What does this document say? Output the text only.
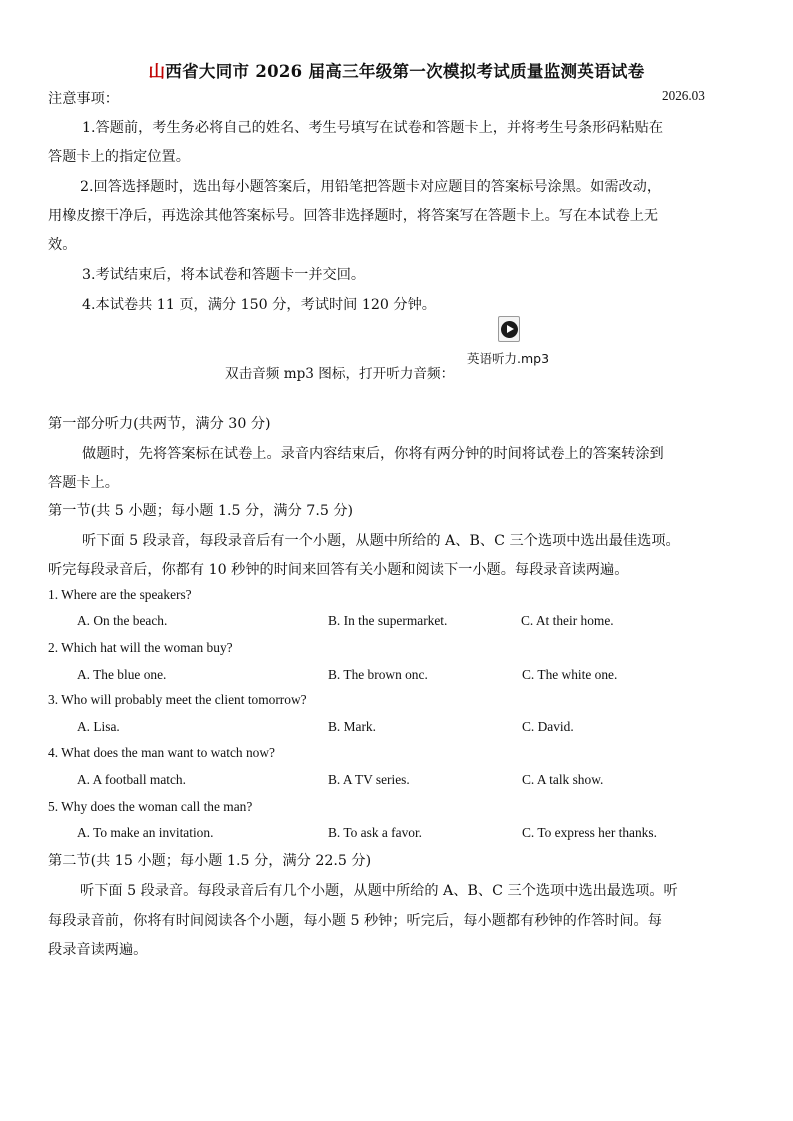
山西省大同市 2026 届高三年级第一次模拟考试质量监测英语试卷
注意事项：	2026.03
1.答题前，考生务必将自己的姓名、考生号填写在试卷和答题卡上，并将考生号条形码粘贴在
答题卡上的指定位置。
2.回答选择题时，选出每小题答案后，用铅笔把答题卡对应题目的答案标号涂黑。如需改动，
用橡皮擦干净后，再选涂其他答案标号。回答非选择题时，将答案写在答题卡上。写在本试卷上无
效。
3.考试结束后，将本试卷和答题卡一并交回。
4.本试卷共 11 页，满分 150 分，考试时间 120 分钟。
英语听力.mp3
双击音频 mp3 图标，打开听力音频：
第一部分听力(共两节，满分 30 分)
做题时，先将答案标在试卷上。录音内容结束后，你将有两分钟的时间将试卷上的答案转涂到
答题卡上。
第一节(共 5 小题；每小题 1.5 分，满分 7.5 分)
听下面 5 段录音，每段录音后有一个小题，从题中所给的 A、B、C 三个选项中选出最佳选项。
听完每段录音后，你都有 10 秒钟的时间来回答有关小题和阅读下一小题。每段录音读两遍。
1. Where are the speakers?
A. On the beach.	B. In the supermarket.	C. At their home.
2. Which hat will the woman buy?
A. The blue one.	B. The brown onc.	C. The white one.
3. Who will probably meet the client tomorrow?
A. Lisa.	B. Mark.	C. David.
4. What does the man want to watch now?
A. A football match.	B. A TV series.	C. A talk show.
5. Why does the woman call the man?
A. To make an invitation.	B. To ask a favor.	C. To express her thanks.
第二节(共 15 小题；每小题 1.5 分，满分 22.5 分)
听下面 5 段录音。每段录音后有几个小题，从题中所给的 A、B、C 三个选项中选出最选项。听
每段录音前，你将有时间阅读各个小题，每小题 5 秒钟；听完后，每小题都有秒钟的作答时间。每
段录音读两遍。
